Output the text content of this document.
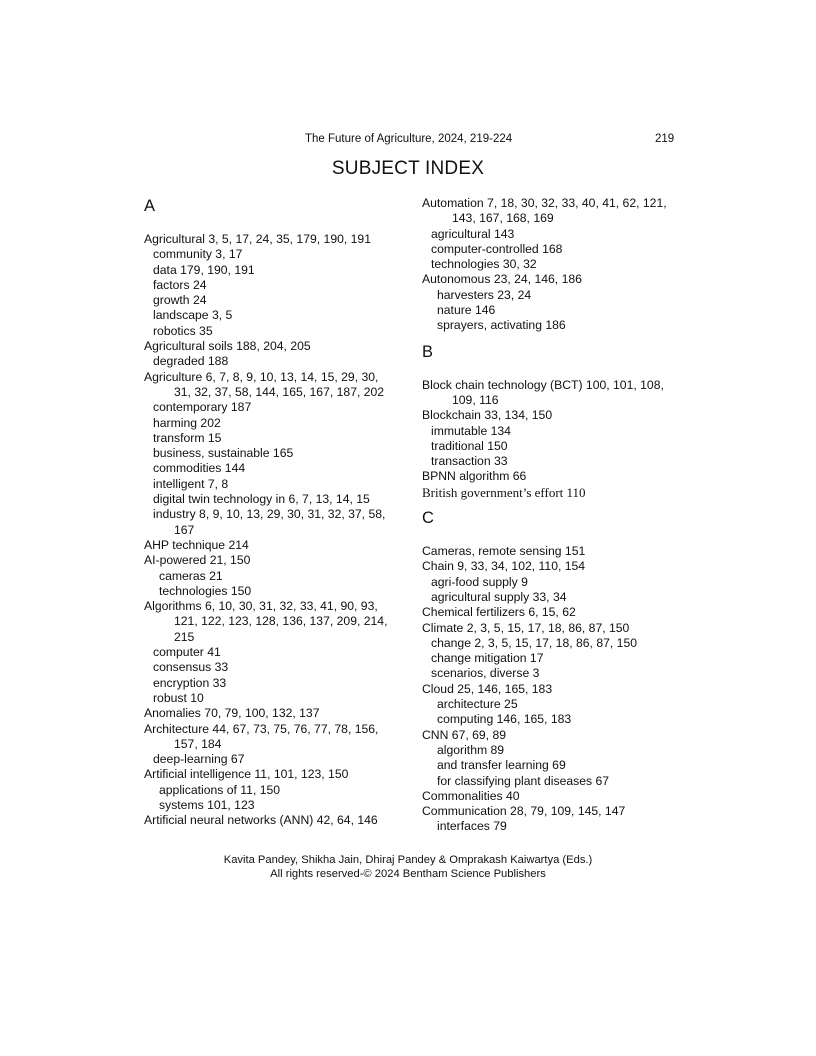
The Future of Agriculture, 2024, 219-224	219
SUBJECT INDEX
A
Agricultural 3, 5, 17, 24, 35, 179, 190, 191
community 3, 17
data 179, 190, 191
factors 24
growth 24
landscape 3, 5
robotics 35
Agricultural soils 188, 204, 205
degraded 188
Agriculture 6, 7, 8, 9, 10, 13, 14, 15, 29, 30,
31, 32, 37, 58, 144, 165, 167, 187, 202
contemporary 187
harming 202
transform 15
business, sustainable 165
commodities 144
intelligent 7, 8
digital twin technology in 6, 7, 13, 14, 15
industry 8, 9, 10, 13, 29, 30, 31, 32, 37, 58,
167
AHP technique 214
AI-powered 21, 150
cameras 21
technologies 150
Algorithms 6, 10, 30, 31, 32, 33, 41, 90, 93,
121, 122, 123, 128, 136, 137, 209, 214,
215
computer 41
consensus 33
encryption 33
robust 10
Anomalies 70, 79, 100, 132, 137
Architecture 44, 67, 73, 75, 76, 77, 78, 156,
157, 184
deep-learning 67
Artificial intelligence 11, 101, 123, 150
applications of 11, 150
systems 101, 123
Artificial neural networks (ANN) 42, 64, 146
Automation 7, 18, 30, 32, 33, 40, 41, 62, 121,
143, 167, 168, 169
agricultural 143
computer-controlled 168
technologies 30, 32
Autonomous 23, 24, 146, 186
harvesters 23, 24
nature 146
sprayers, activating 186
B
Block chain technology (BCT) 100, 101, 108,
109, 116
Blockchain 33, 134, 150
immutable 134
traditional 150
transaction 33
BPNN algorithm 66
British government’s effort 110
C
Cameras, remote sensing 151
Chain 9, 33, 34, 102, 110, 154
agri-food supply 9
agricultural supply 33, 34
Chemical fertilizers 6, 15, 62
Climate 2, 3, 5, 15, 17, 18, 86, 87, 150
change 2, 3, 5, 15, 17, 18, 86, 87, 150
change mitigation 17
scenarios, diverse 3
Cloud 25, 146, 165, 183
architecture 25
computing 146, 165, 183
CNN 67, 69, 89
algorithm 89
and transfer learning 69
for classifying plant diseases 67
Commonalities 40
Communication 28, 79, 109, 145, 147
interfaces 79
Kavita Pandey, Shikha Jain, Dhiraj Pandey & Omprakash Kaiwartya (Eds.)
All rights reserved-© 2024 Bentham Science Publishers
